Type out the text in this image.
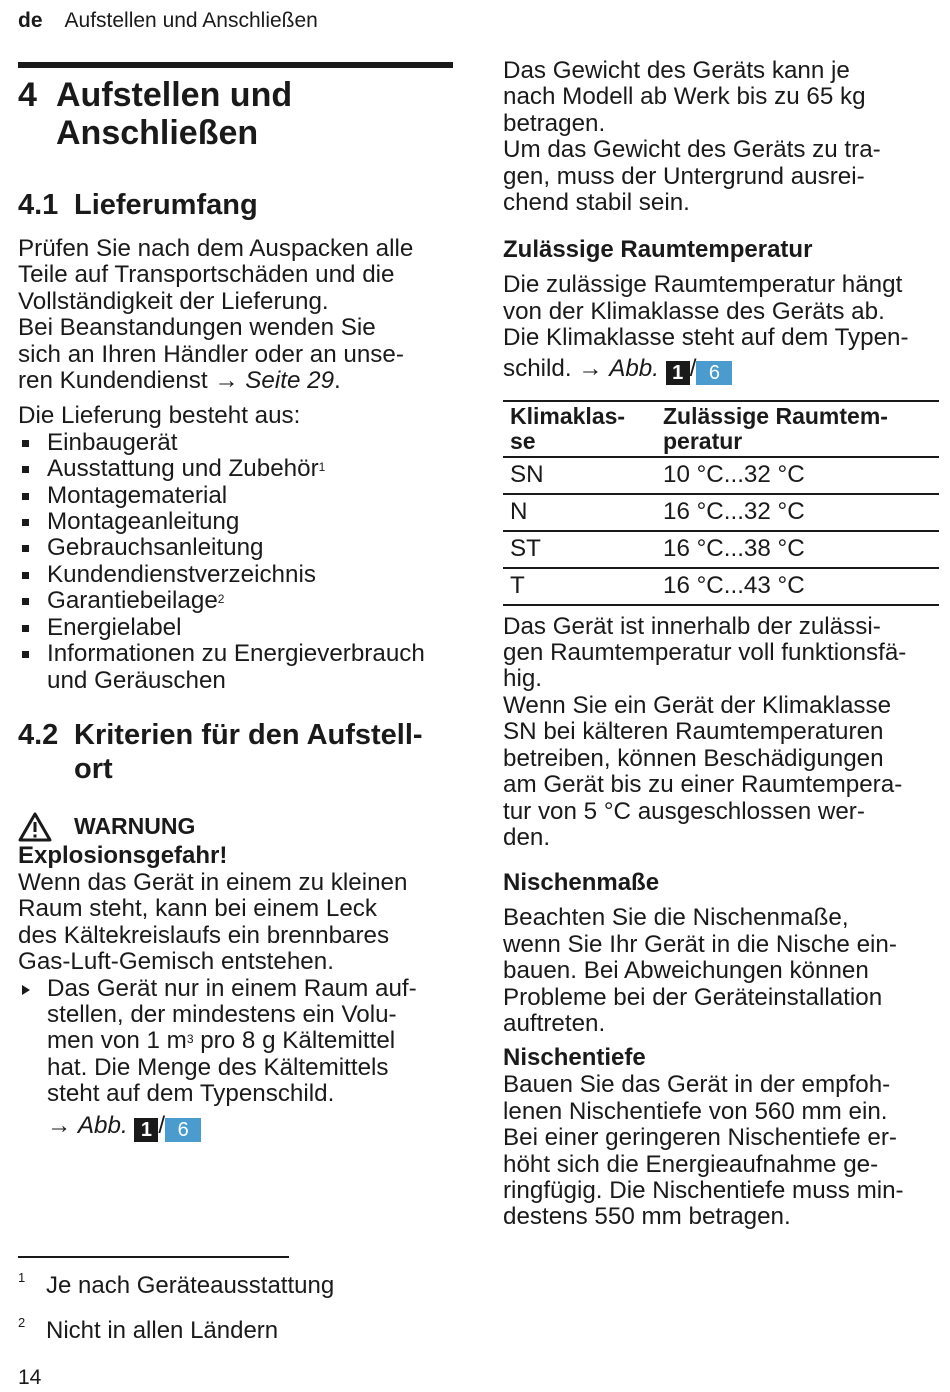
de Aufstellen und Anschließen
4 Aufstellen und
Anschließen
4.1 Lieferumfang

Prüfen Sie nach dem Auspacken alle

Teile auf Transportschäden und die

Vollständigkeit der Lieferung.

Bei Beanstandungen wenden Sie

sich an Ihren Händler oder an unse-

ren Kundendienst → Seite 29.

Die Lieferung besteht aus:

Einbaugerät
Ausstattung und Zubehör$^1$
Montagematerial
Montageanleitung
Gebrauchsanleitung
Kundendienstverzeichnis
Garantiebeilage$^2$
Energielabel
Informationen zu Energieverbrauch
und Geräuschen
4.2 Kriterien für den Aufstell-
ort
WARNUNG
Explosionsgefahr!

Wenn das Gerät in einem zu kleinen

Raum steht, kann bei einem Leck

des Kältekreislaufs ein brennbares

Gas-Luft-Gemisch entstehen.

Das Gerät nur in einem Raum auf-

stellen, der mindestens ein Volu-

men von 1 $m^3$ pro 8 g Kältemittel

hat. Die Menge des Kältemittels

steht auf dem Typenschild.

→ Abb. 1 / 6

Das Gewicht des Geräts kann je

nach Modell ab Werk bis zu 65 kg

betragen.

Um das Gewicht des Geräts zu tra-

gen, muss der Untergrund ausrei-

chend stabil sein.

Zulässige Raumtemperatur

Die zulässige Raumtemperatur hängt

von der Klimaklasse des Geräts ab.

Die Klimaklasse steht auf dem Typen-

schild. → Abb. 1 / 6

Klimaklas-
se	Zulässige Raumtem-
peratur
SN	10 °C...32 °C
N	16 °C...32 °C
ST	16 °C...38 °C
T	16 °C...43 °C

Das Gerät ist innerhalb der zulässi-

gen Raumtemperatur voll funktionsfä-

hig.

Wenn Sie ein Gerät der Klimaklasse

SN bei kälteren Raumtemperaturen

betreiben, können Beschädigungen

am Gerät bis zu einer Raumtempera-

tur von 5 °C ausgeschlossen wer-

den.

Nischenmaße

Beachten Sie die Nischenmaße,

wenn Sie Ihr Gerät in die Nische ein-

bauen. Bei Abweichungen können

Probleme bei der Geräteinstallation

auftreten.

Nischentiefe

Bauen Sie das Gerät in der empfoh-

lenen Nischentiefe von 560 mm ein.

Bei einer geringeren Nischentiefe er-

höht sich die Energieaufnahme ge-

ringfügig. Die Nischentiefe muss min-

destens 550 mm betragen.

1 Je nach Geräteausstattung
2 Nicht in allen Ländern
14
